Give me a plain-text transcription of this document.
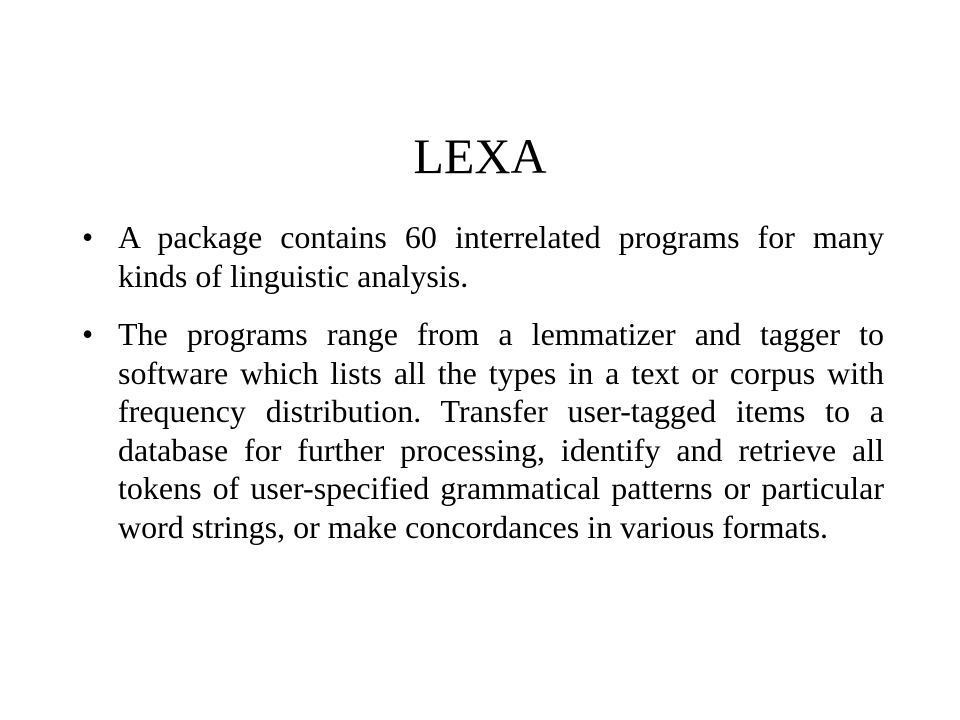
LEXA
• A package contains 60 interrelated programs for many kinds of linguistic analysis.
• The programs range from a lemmatizer and tagger to software which lists all the types in a text or corpus with frequency distribution. Transfer user-tagged items to a database for further processing, identify and retrieve all tokens of user-specified grammatical patterns or particular word strings, or make concordances in various formats.
